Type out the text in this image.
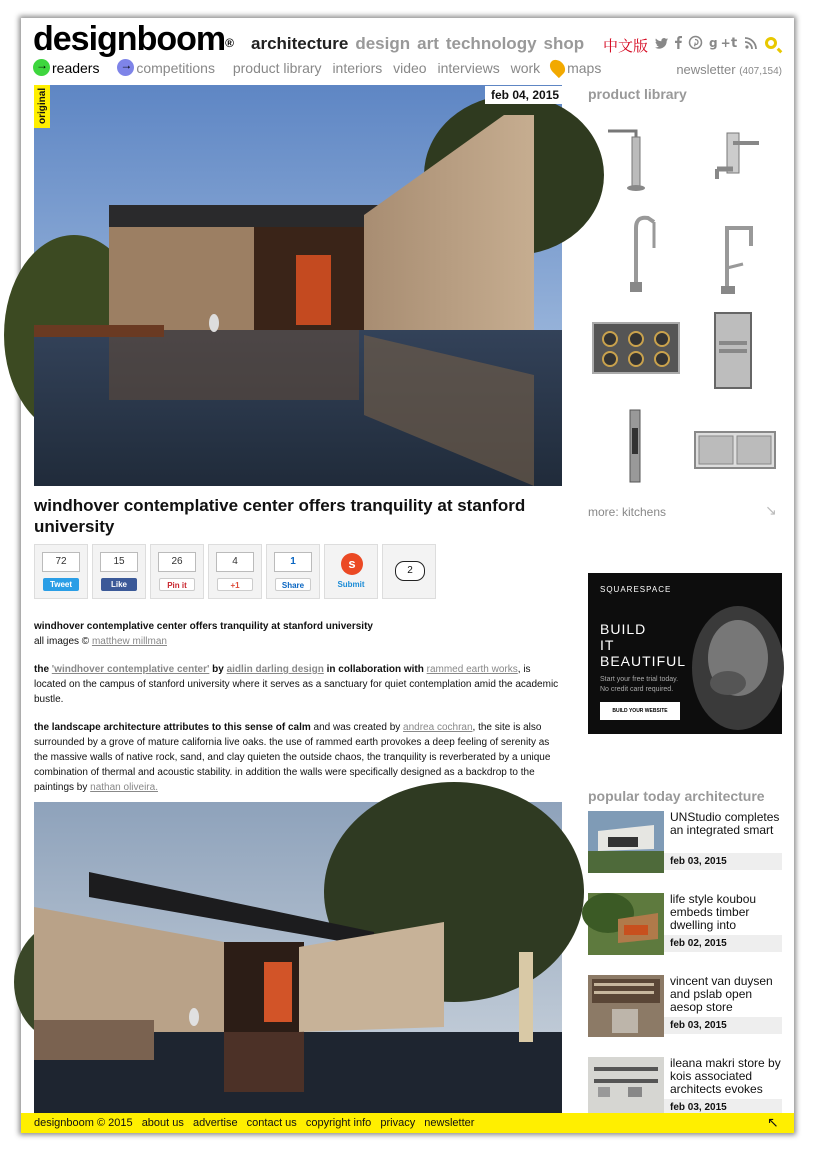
designboom® architecture design art technology shop	中文版
	g+

t

→readers →	competitions product library interiors video interviews work maps	newsletter (407,154)
original	feb 04, 2015
windhover contemplative center offers tranquility at stanford university
72
Tweet
15
Like
26
Pin it
4
+1
1
Share
s
Submit
2

windhover contemplative center offers tranquility at stanford university
all images © matthew millman

the 'windhover contemplative center' by aidlin darling design in collaboration with rammed earth works, is located on the campus of stanford university where it serves as a sanctuary for quiet contemplation amid the academic bustle.

the landscape architecture attributes to this sense of calm and was created by andrea cochran, the site is also surrounded by a grove of mature california live oaks. the use of rammed earth provokes a deep feeling of serenity as the massive walls of native rock, sand, and clay quieten the outside chaos, the tranquility is reverberated by a unique combination of thermal and acoustic stability. in addition the walls were specifically designed as a backdrop to the paintings by nathan oliveira.

product library
more: kitchens	↘
SQUARESPACE
BUILD
IT
BEAUTIFUL
Start your free trial today.
No credit card required.
BUILD YOUR WEBSITE
popular today architecture
UNStudio completes an integrated smart
feb 03, 2015
life style koubou embeds timber dwelling into
feb 02, 2015
vincent van duysen and pslab open aesop store
feb 03, 2015
ileana makri store by kois associated architects evokes
feb 03, 2015
designboom © 2015 about us advertise contact us copyright info privacy newsletter	↖
